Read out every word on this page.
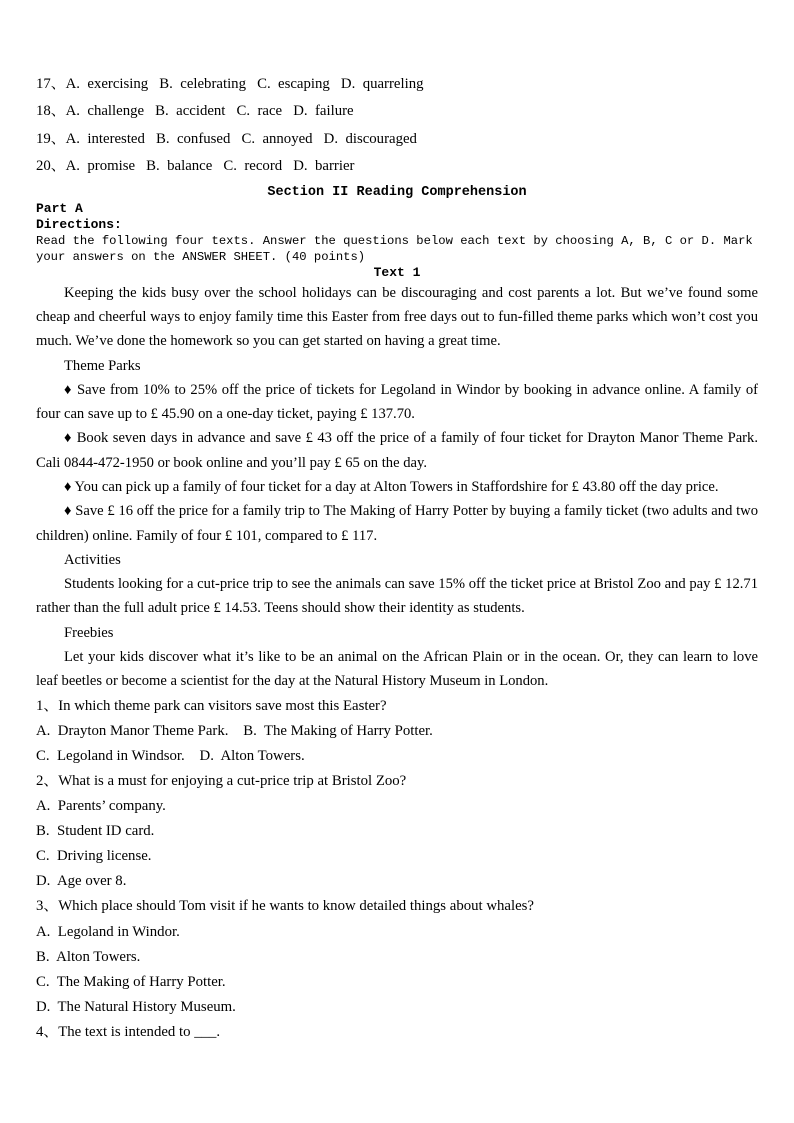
17、A.  exercising   B.  celebrating   C.  escaping   D.  quarreling

18、A.  challenge   B.  accident   C.  race   D.  failure

19、A.  interested   B.  confused   C.  annoyed   D.  discouraged

20、A.  promise   B.  balance   C.  record   D.  barrier

Section II Reading Comprehension

Part A

Directions:

Read the following four texts. Answer the questions below each text by choosing A, B, C or D. Mark your answers on the ANSWER SHEET. (40 points)

Text 1

Keeping the kids busy over the school holidays can be discouraging and cost parents a lot. But we’ve found some cheap and cheerful ways to enjoy family time this Easter from free days out to fun-filled theme parks which won’t cost you much. We’ve done the homework so you can get started on having a great time.

Theme Parks

♦ Save from 10% to 25% off the price of tickets for Legoland in Windor by booking in advance online. A family of four can save up to £ 45.90 on a one-day ticket, paying £ 137.70.

♦ Book seven days in advance and save £ 43 off the price of a family of four ticket for Drayton Manor Theme Park. Cali 0844-472-1950 or book online and you’ll pay £ 65 on the day.

♦ You can pick up a family of four ticket for a day at Alton Towers in Staffordshire for £ 43.80 off the day price.

♦ Save £ 16 off the price for a family trip to The Making of Harry Potter by buying a family ticket (two adults and two children) online. Family of four £ 101, compared to £ 117.

Activities

Students looking for a cut-price trip to see the animals can save 15% off the ticket price at Bristol Zoo and pay £ 12.71 rather than the full adult price £ 14.53. Teens should show their identity as students.

Freebies

Let your kids discover what it’s like to be an animal on the African Plain or in the ocean. Or, they can learn to love leaf beetles or become a scientist for the day at the Natural History Museum in London.

1、In which theme park can visitors save most this Easter?

A.  Drayton Manor Theme Park.    B.  The Making of Harry Potter.

C.  Legoland in Windsor.    D.  Alton Towers.

2、What is a must for enjoying a cut-price trip at Bristol Zoo?

A.  Parents’ company.

B.  Student ID card.

C.  Driving license.

D.  Age over 8.

3、Which place should Tom visit if he wants to know detailed things about whales?

A.  Legoland in Windor.

B.  Alton Towers.

C.  The Making of Harry Potter.

D.  The Natural History Museum.

4、The text is intended to ___.
